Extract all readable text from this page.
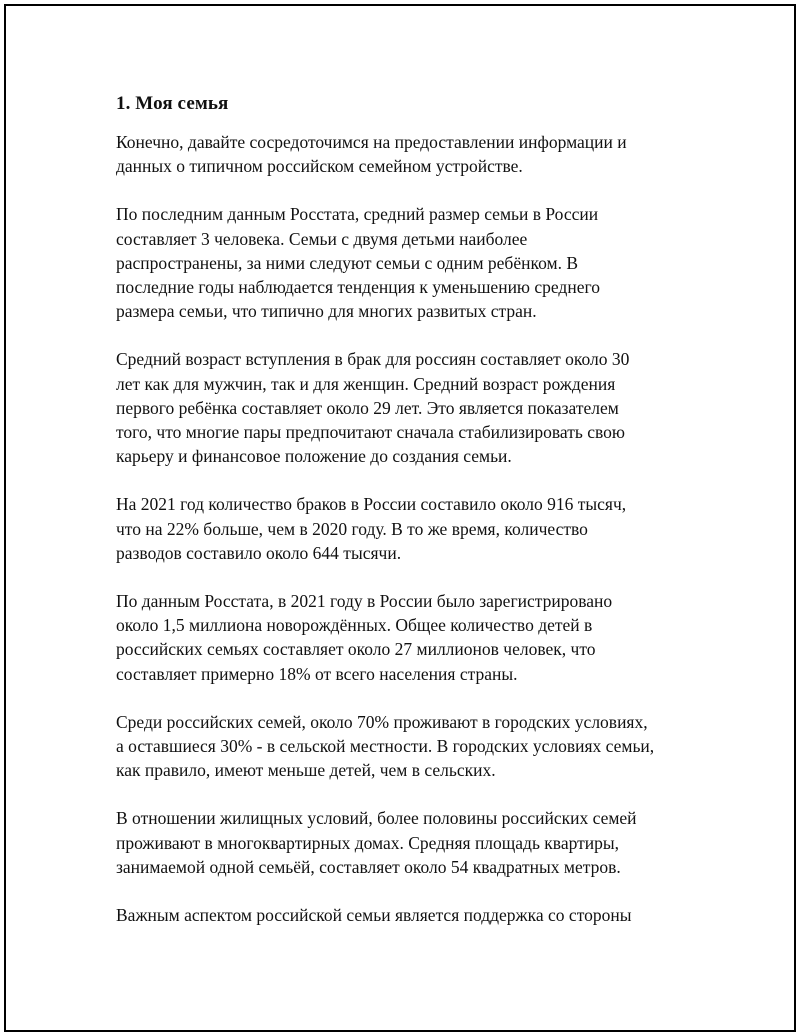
1. Моя семья

Конечно, давайте сосредоточимся на предоставлении информации и
данных о типичном российском семейном устройстве.

По последним данным Росстата, средний размер семьи в России
составляет 3 человека. Семьи с двумя детьми наиболее
распространены, за ними следуют семьи с одним ребёнком. В
последние годы наблюдается тенденция к уменьшению среднего
размера семьи, что типично для многих развитых стран.

Средний возраст вступления в брак для россиян составляет около 30
лет как для мужчин, так и для женщин. Средний возраст рождения
первого ребёнка составляет около 29 лет. Это является показателем
того, что многие пары предпочитают сначала стабилизировать свою
карьеру и финансовое положение до создания семьи.

На 2021 год количество браков в России составило около 916 тысяч,
что на 22% больше, чем в 2020 году. В то же время, количество
разводов составило около 644 тысячи.

По данным Росстата, в 2021 году в России было зарегистрировано
около 1,5 миллиона новорождённых. Общее количество детей в
российских семьях составляет около 27 миллионов человек, что
составляет примерно 18% от всего населения страны.

Среди российских семей, около 70% проживают в городских условиях,
а оставшиеся 30% - в сельской местности. В городских условиях семьи,
как правило, имеют меньше детей, чем в сельских.

В отношении жилищных условий, более половины российских семей
проживают в многоквартирных домах. Средняя площадь квартиры,
занимаемой одной семьёй, составляет около 54 квадратных метров.

Важным аспектом российской семьи является поддержка со стороны
